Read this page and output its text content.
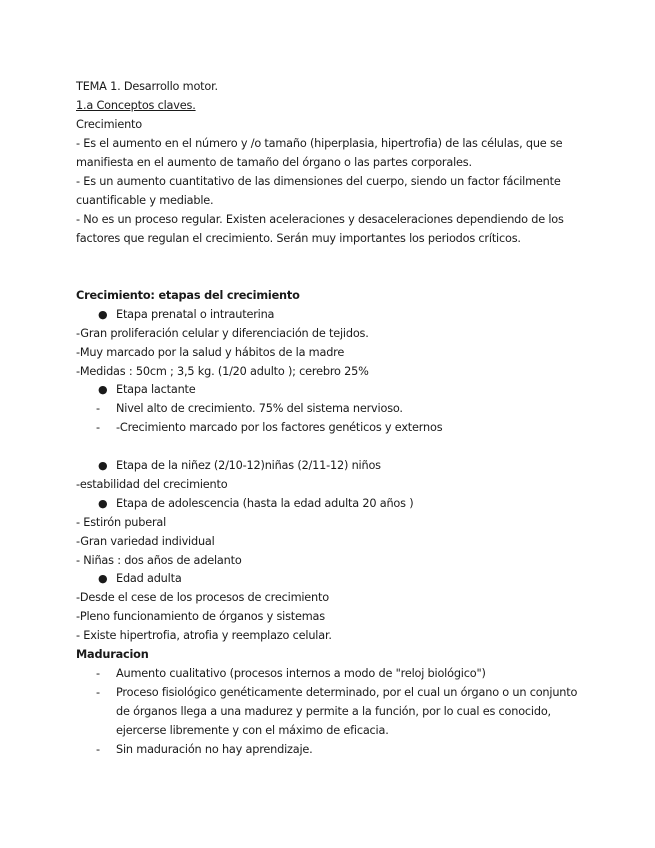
TEMA 1. Desarrollo motor.
1.a Conceptos claves.
Crecimiento
- Es el aumento en el número y /o tamaño (hiperplasia, hipertrofia) de las células, que se
manifiesta en el aumento de tamaño del órgano o las partes corporales.
- Es un aumento cuantitativo de las dimensiones del cuerpo, siendo un factor fácilmente
cuantificable y mediable.
- No es un proceso regular. Existen aceleraciones y desaceleraciones dependiendo de los
factores que regulan el crecimiento. Serán muy importantes los periodos críticos.
Crecimiento: etapas del crecimiento
● Etapa prenatal o intrauterina
-Gran proliferación celular y diferenciación de tejidos.
-Muy marcado por la salud y hábitos de la madre
-Medidas : 50cm ; 3,5 kg. (1/20 adulto ); cerebro 25%
● Etapa lactante
- Nivel alto de crecimiento. 75% del sistema nervioso.
- -Crecimiento marcado por los factores genéticos y externos
● Etapa de la niñez (2/10-12)niñas (2/11-12) niños
-estabilidad del crecimiento
● Etapa de adolescencia (hasta la edad adulta 20 años )
- Estirón puberal
-Gran variedad individual
- Niñas : dos años de adelanto
● Edad adulta
-Desde el cese de los procesos de crecimiento
-Pleno funcionamiento de órganos y sistemas
- Existe hipertrofia, atrofia y reemplazo celular.
Maduracion
- Aumento cualitativo (procesos internos a modo de "reloj biológico")
- Proceso fisiológico genéticamente determinado, por el cual un órgano o un conjunto
de órganos llega a una madurez y permite a la función, por lo cual es conocido,
ejercerse libremente y con el máximo de eficacia.
- Sin maduración no hay aprendizaje.
